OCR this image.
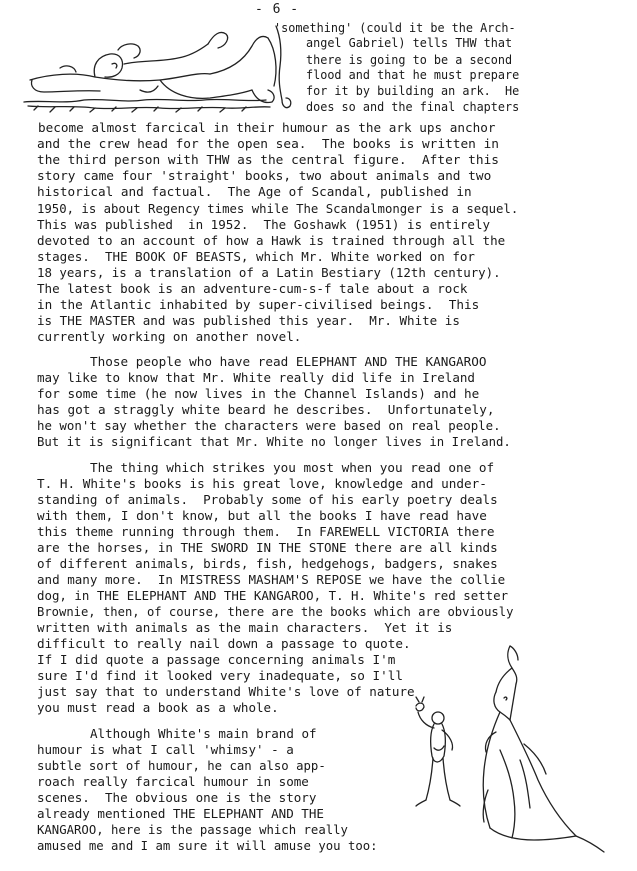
- 6 -
'something' (could it be the Arch-
angel Gabriel) tells THW that
there is going to be a second
flood and that he must prepare
for it by building an ark.  He
does so and the final chapters
become almost farcical in their humour as the ark ups anchor
and the crew head for the open sea.  The books is written in
the third person with THW as the central figure.  After this
story came four 'straight' books, two about animals and two
historical and factual.  The Age of Scandal, published in
1950, is about Regency times while The Scandalmonger is a sequel.
This was published  in 1952.  The Goshawk (1951) is entirely
devoted to an account of how a Hawk is trained through all the
stages.  THE BOOK OF BEASTS, which Mr. White worked on for
18 years, is a translation of a Latin Bestiary (12th century).
The latest book is an adventure-cum-s-f tale about a rock
in the Atlantic inhabited by super-civilised beings.  This
is THE MASTER and was published this year.  Mr. White is
currently working on another novel.
Those people who have read ELEPHANT AND THE KANGAROO
may like to know that Mr. White really did life in Ireland
for some time (he now lives in the Channel Islands) and he
has got a straggly white beard he describes.  Unfortunately,
he won't say whether the characters were based on real people.
But it is significant that Mr. White no longer lives in Ireland.
The thing which strikes you most when you read one of
T. H. White's books is his great love, knowledge and under-
standing of animals.  Probably some of his early poetry deals
with them, I don't know, but all the books I have read have
this theme running through them.  In FAREWELL VICTORIA there
are the horses, in THE SWORD IN THE STONE there are all kinds
of different animals, birds, fish, hedgehogs, badgers, snakes
and many more.  In MISTRESS MASHAM'S REPOSE we have the collie
dog, in THE ELEPHANT AND THE KANGAROO, T. H. White's red setter
Brownie, then, of course, there are the books which are obviously
written with animals as the main characters.  Yet it is
difficult to really nail down a passage to quote.
If I did quote a passage concerning animals I'm
sure I'd find it looked very inadequate, so I'll
just say that to understand White's love of nature
you must read a book as a whole.
Although White's main brand of
humour is what I call 'whimsy' - a
subtle sort of humour, he can also app-
roach really farcical humour in some
scenes.  The obvious one is the story
already mentioned THE ELEPHANT AND THE
KANGAROO, here is the passage which really
amused me and I am sure it will amuse you too:
